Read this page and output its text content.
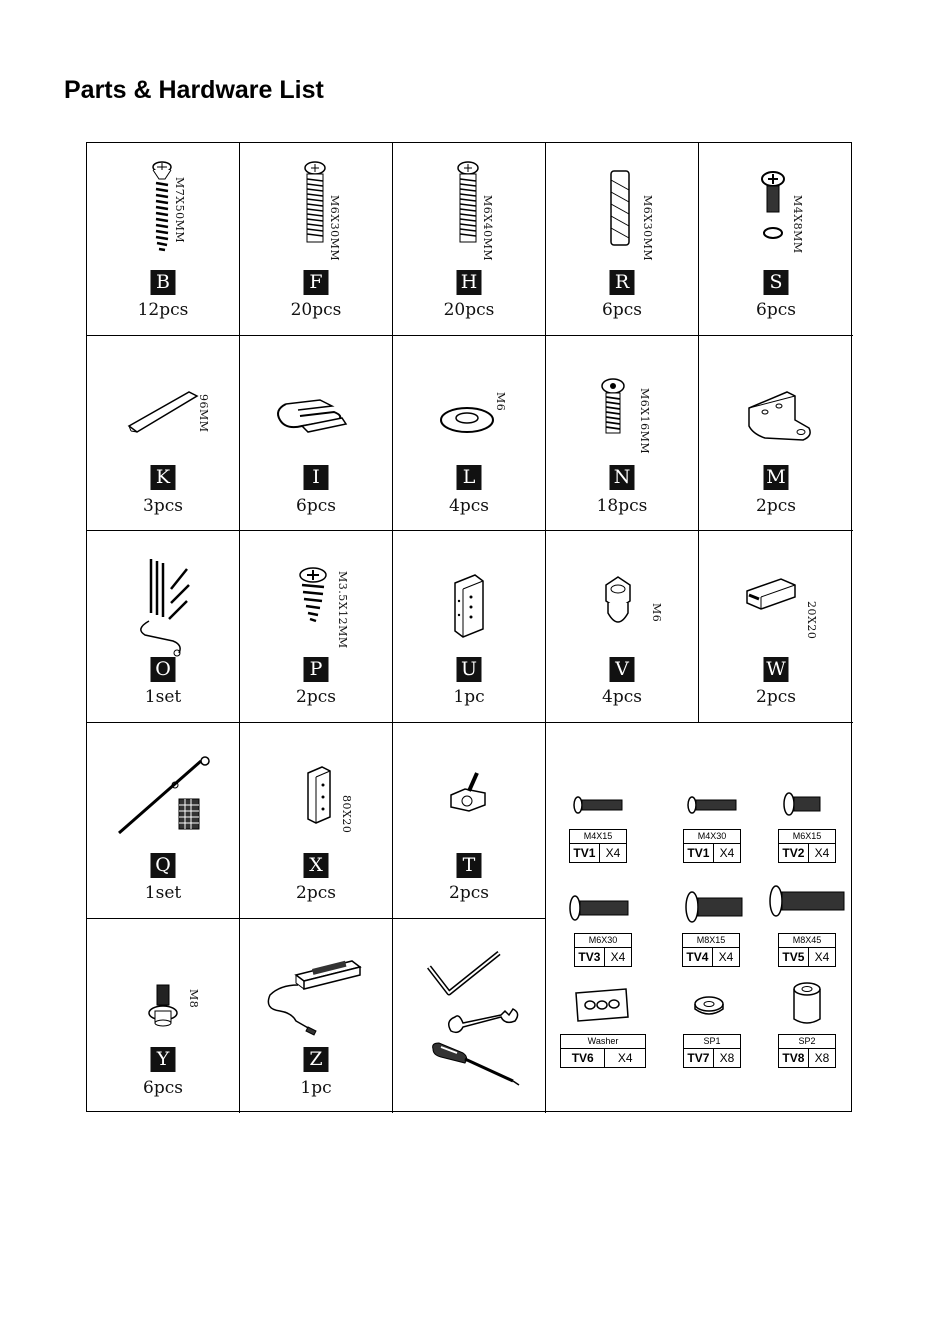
Parts & Hardware List
M7X50MM
B
12pcs
M6X30MM
F
20pcs
M6X40MM
H
20pcs
M6X30MM
R
6pcs
M4X8MM
S
6pcs
96MM
K
3pcs
I
6pcs
M6
L
4pcs
M6X16MM
N
18pcs
M
2pcs
O
1set
M3.5X12MM
P
2pcs
U
1pc
M6
V
4pcs
20X20
W
2pcs
Q
1set
80X20
X
2pcs
T
2pcs
M8
Y
6pcs
Z
1pc
M4X15
TV1 X4
M4X30
TV1 X4
M6X15
TV2 X4
M6X30
TV3 X4
M8X15
TV4 X4
M8X45
TV5 X4
Washer
TV6	X4
SP1
TV7 X8
SP2
TV8 X8
